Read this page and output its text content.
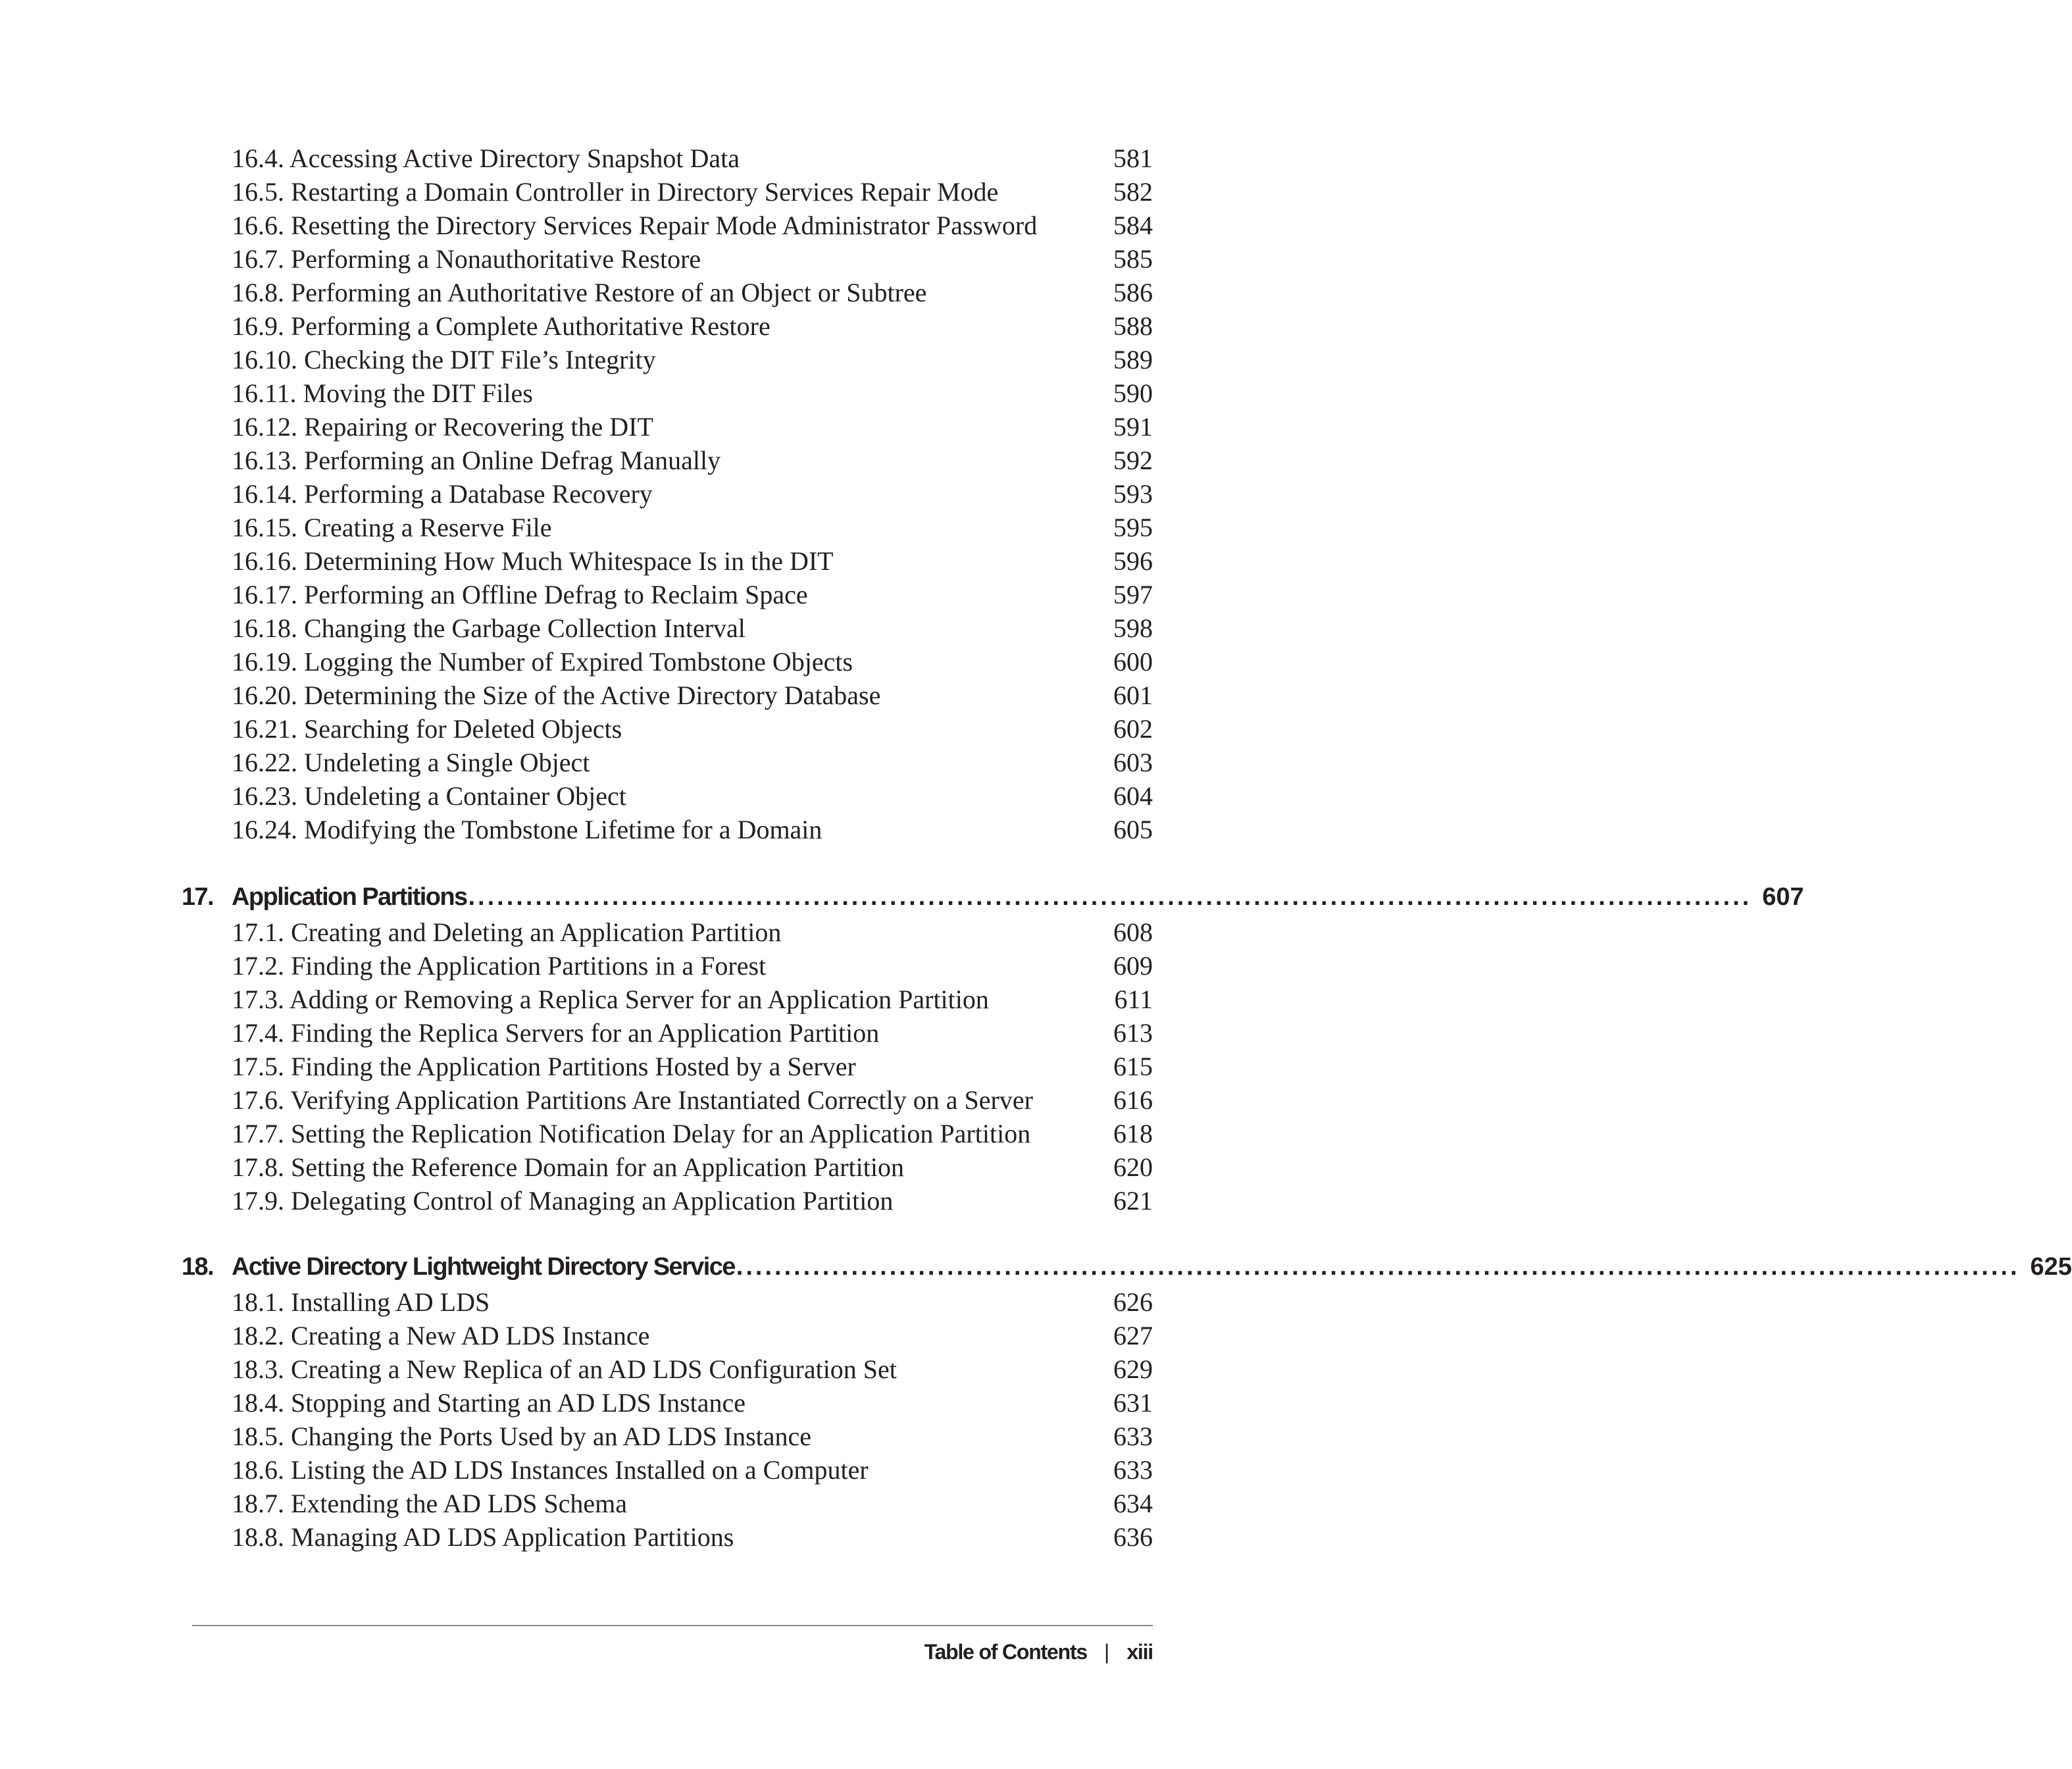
16.4. Accessing Active Directory Snapshot Data	581
16.5. Restarting a Domain Controller in Directory Services Repair Mode	582
16.6. Resetting the Directory Services Repair Mode Administrator Password	584
16.7. Performing a Nonauthoritative Restore	585
16.8. Performing an Authoritative Restore of an Object or Subtree	586
16.9. Performing a Complete Authoritative Restore	588
16.10. Checking the DIT File’s Integrity	589
16.11. Moving the DIT Files	590
16.12. Repairing or Recovering the DIT	591
16.13. Performing an Online Defrag Manually	592
16.14. Performing a Database Recovery	593
16.15. Creating a Reserve File	595
16.16. Determining How Much Whitespace Is in the DIT	596
16.17. Performing an Offline Defrag to Reclaim Space	597
16.18. Changing the Garbage Collection Interval	598
16.19. Logging the Number of Expired Tombstone Objects	600
16.20. Determining the Size of the Active Directory Database	601
16.21. Searching for Deleted Objects	602
16.22. Undeleting a Single Object	603
16.23. Undeleting a Container Object	604
16.24. Modifying the Tombstone Lifetime for a Domain	605
17. Application Partitions ...................................................................................................................................... 607
17.1. Creating and Deleting an Application Partition	608
17.2. Finding the Application Partitions in a Forest	609
17.3. Adding or Removing a Replica Server for an Application Partition	611
17.4. Finding the Replica Servers for an Application Partition	613
17.5. Finding the Application Partitions Hosted by a Server	615
17.6. Verifying Application Partitions Are Instantiated Correctly on a Server	616
17.7. Setting the Replication Notification Delay for an Application Partition	618
17.8. Setting the Reference Domain for an Application Partition	620
17.9. Delegating Control of Managing an Application Partition	621
18. Active Directory Lightweight Directory Service ...................................................................................................................................... 625
18.1. Installing AD LDS	626
18.2. Creating a New AD LDS Instance	627
18.3. Creating a New Replica of an AD LDS Configuration Set	629
18.4. Stopping and Starting an AD LDS Instance	631
18.5. Changing the Ports Used by an AD LDS Instance	633
18.6. Listing the AD LDS Instances Installed on a Computer	633
18.7. Extending the AD LDS Schema	634
18.8. Managing AD LDS Application Partitions	636
Table of Contents | xiii
